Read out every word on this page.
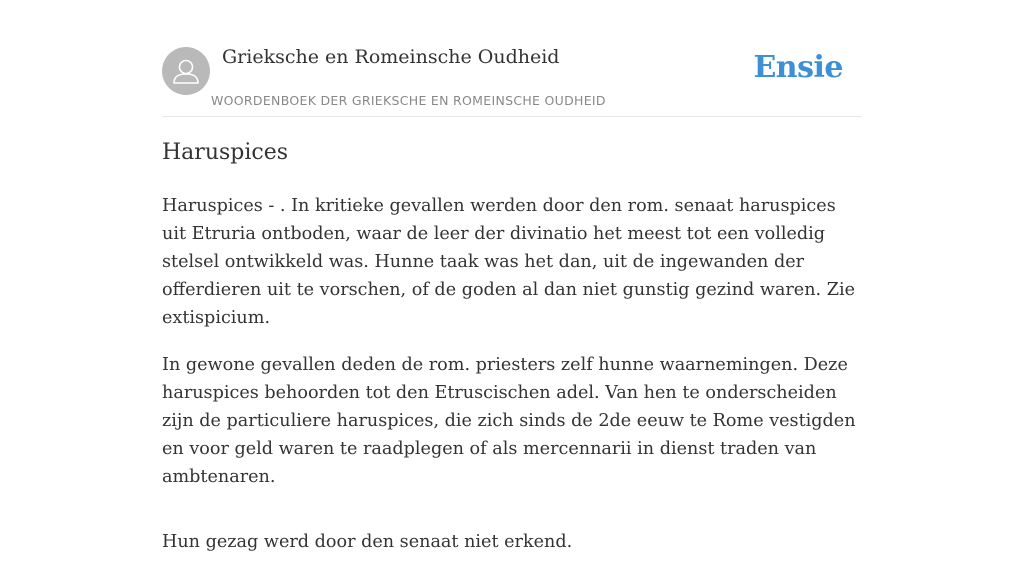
Grieksche en Romeinsche Oudheid
WOORDENBOEK DER GRIEKSCHE EN ROMEINSCHE OUDHEID
Ensie
Haruspices

Haruspices - . In kritieke gevallen werden door den rom. senaat haruspices uit Etruria ontboden, waar de leer der divinatio het meest tot een volledig stelsel ontwikkeld was. Hunne taak was het dan, uit de ingewanden der offerdieren uit te vorschen, of de goden al dan niet gunstig gezind waren. Zie extispicium.

In gewone gevallen deden de rom. priesters zelf hunne waarnemingen. Deze haruspices behoorden tot den Etruscischen adel. Van hen te onderscheiden zijn de particuliere haruspices, die zich sinds de 2de eeuw te Rome vestigden en voor geld waren te raadplegen of als mercennarii in dienst traden van ambtenaren.

Hun gezag werd door den senaat niet erkend.
